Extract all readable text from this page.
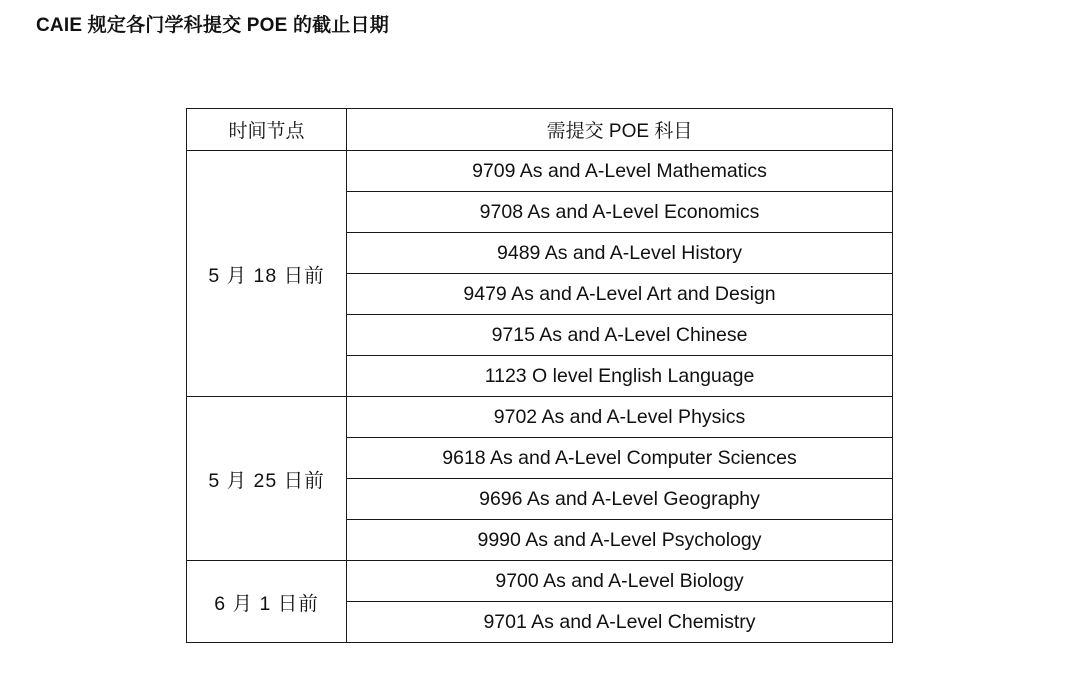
CAIE 规定各门学科提交 POE 的截止日期
时间节点	需提交 POE 科目
5 月 18 日前	9709 As and A-Level Mathematics
	9708 As and A-Level Economics
	9489 As and A-Level History
	9479 As and A-Level Art and Design
	9715 As and A-Level Chinese
	1123 O level English Language
5 月 25 日前	9702 As and A-Level Physics
	9618 As and A-Level Computer Sciences
	9696 As and A-Level Geography
	9990 As and A-Level Psychology
6 月 1 日前	9700 As and A-Level Biology
	9701 As and A-Level Chemistry
